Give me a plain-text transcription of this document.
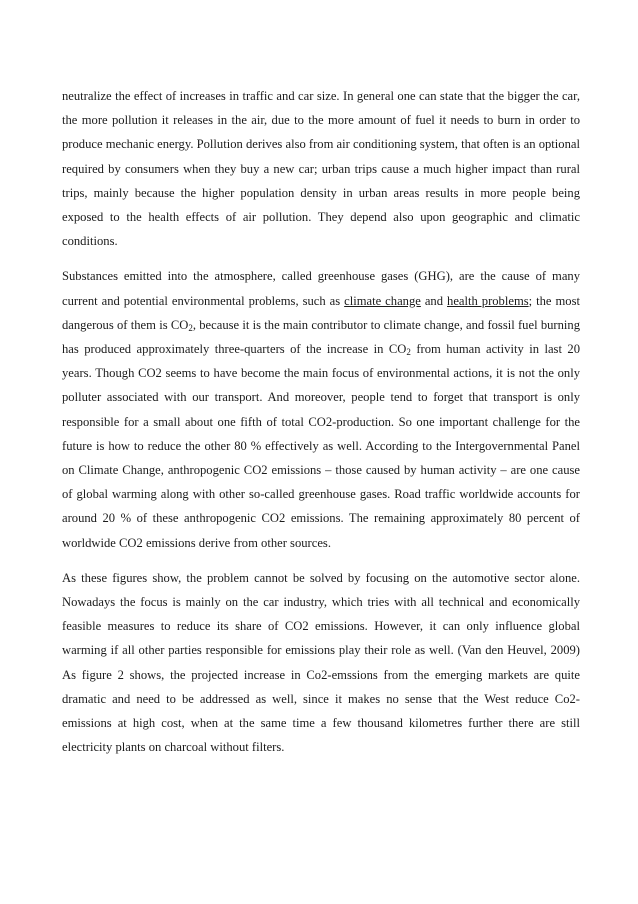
neutralize the effect of increases in traffic and car size. In general one can state that the bigger the car, the more pollution it releases in the air, due to the more amount of fuel it needs to burn in order to produce mechanic energy. Pollution derives also from air conditioning system, that often is an optional required by consumers when they buy a new car; urban trips cause a much higher impact than rural trips, mainly because the higher population density in urban areas results in more people being exposed to the health effects of air pollution. They depend also upon geographic and climatic conditions.

Substances emitted into the atmosphere, called greenhouse gases (GHG), are the cause of many current and potential environmental problems, such as climate change and health problems; the most dangerous of them is $CO_2$, because it is the main contributor to climate change, and fossil fuel burning has produced approximately three-quarters of the increase in $CO_2$ from human activity in last 20 years. Though CO2 seems to have become the main focus of environmental actions, it is not the only polluter associated with our transport. And moreover, people tend to forget that transport is only responsible for a small about one fifth of total CO2-production. So one important challenge for the future is how to reduce the other 80 % effectively as well. According to the Intergovernmental Panel on Climate Change, anthropogenic CO2 emissions – those caused by human activity – are one cause of global warming along with other so-called greenhouse gases. Road traffic worldwide accounts for around 20 % of these anthropogenic CO2 emissions. The remaining approximately 80 percent of worldwide CO2 emissions derive from other sources.

As these figures show, the problem cannot be solved by focusing on the automotive sector alone. Nowadays the focus is mainly on the car industry, which tries with all technical and economically feasible measures to reduce its share of CO2 emissions. However, it can only influence global warming if all other parties responsible for emissions play their role as well. (Van den Heuvel, 2009) As figure 2 shows, the projected increase in Co2-emssions from the emerging markets are quite dramatic and need to be addressed as well, since it makes no sense that the West reduce Co2-emissions at high cost, when at the same time a few thousand kilometres further there are still electricity plants on charcoal without filters.
